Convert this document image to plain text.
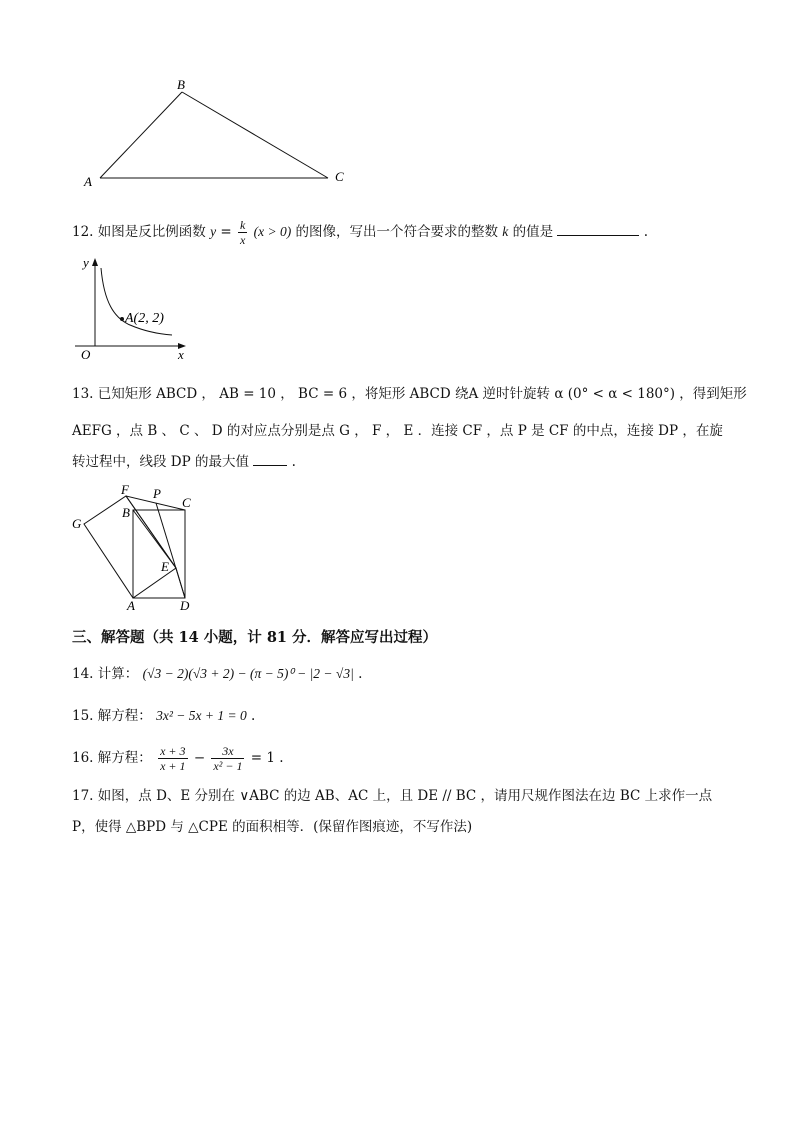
B
A	C
12. 如图是反比例函数 $y = \frac{k}{x} (x > 0)$ 的图像，写出一个符合要求的整数 k 的值是	.
y
x
O
A(2, 2)
13. 已知矩形 ABCD ， AB = 10 ， BC = 6 ，将矩形 ABCD 绕A 逆时针旋转 α (0° < α < 180°) ，得到矩形
AEFG ，点 B 、 C 、 D 的对应点分别是点 G ， F ， E ．连接 CF ，点 P 是 CF 的中点，连接 DP ，在旋
转过程中，线段 DP 的最大值	.
F P
C
B
G
E
A	D
三、解答题（共 14 小题，计 81 分．解答应写出过程）
14. 计算： (√3 − 2)(√3 + 2) − (π − 5)⁰ − |2 − √3| .
15. 解方程： 3x² − 5x + 1 = 0 .
16. 解方程： $\frac{x + 3}{x + 1} - \frac{3x}{\text{x² − 1}} = 1$ .
17. 如图，点 D、E 分别在 ∨ABC 的边 AB、AC 上，且 DE // BC ，请用尺规作图法在边 BC 上求作一点
P，使得 △BPD 与 △CPE 的面积相等．(保留作图痕迹，不写作法)
